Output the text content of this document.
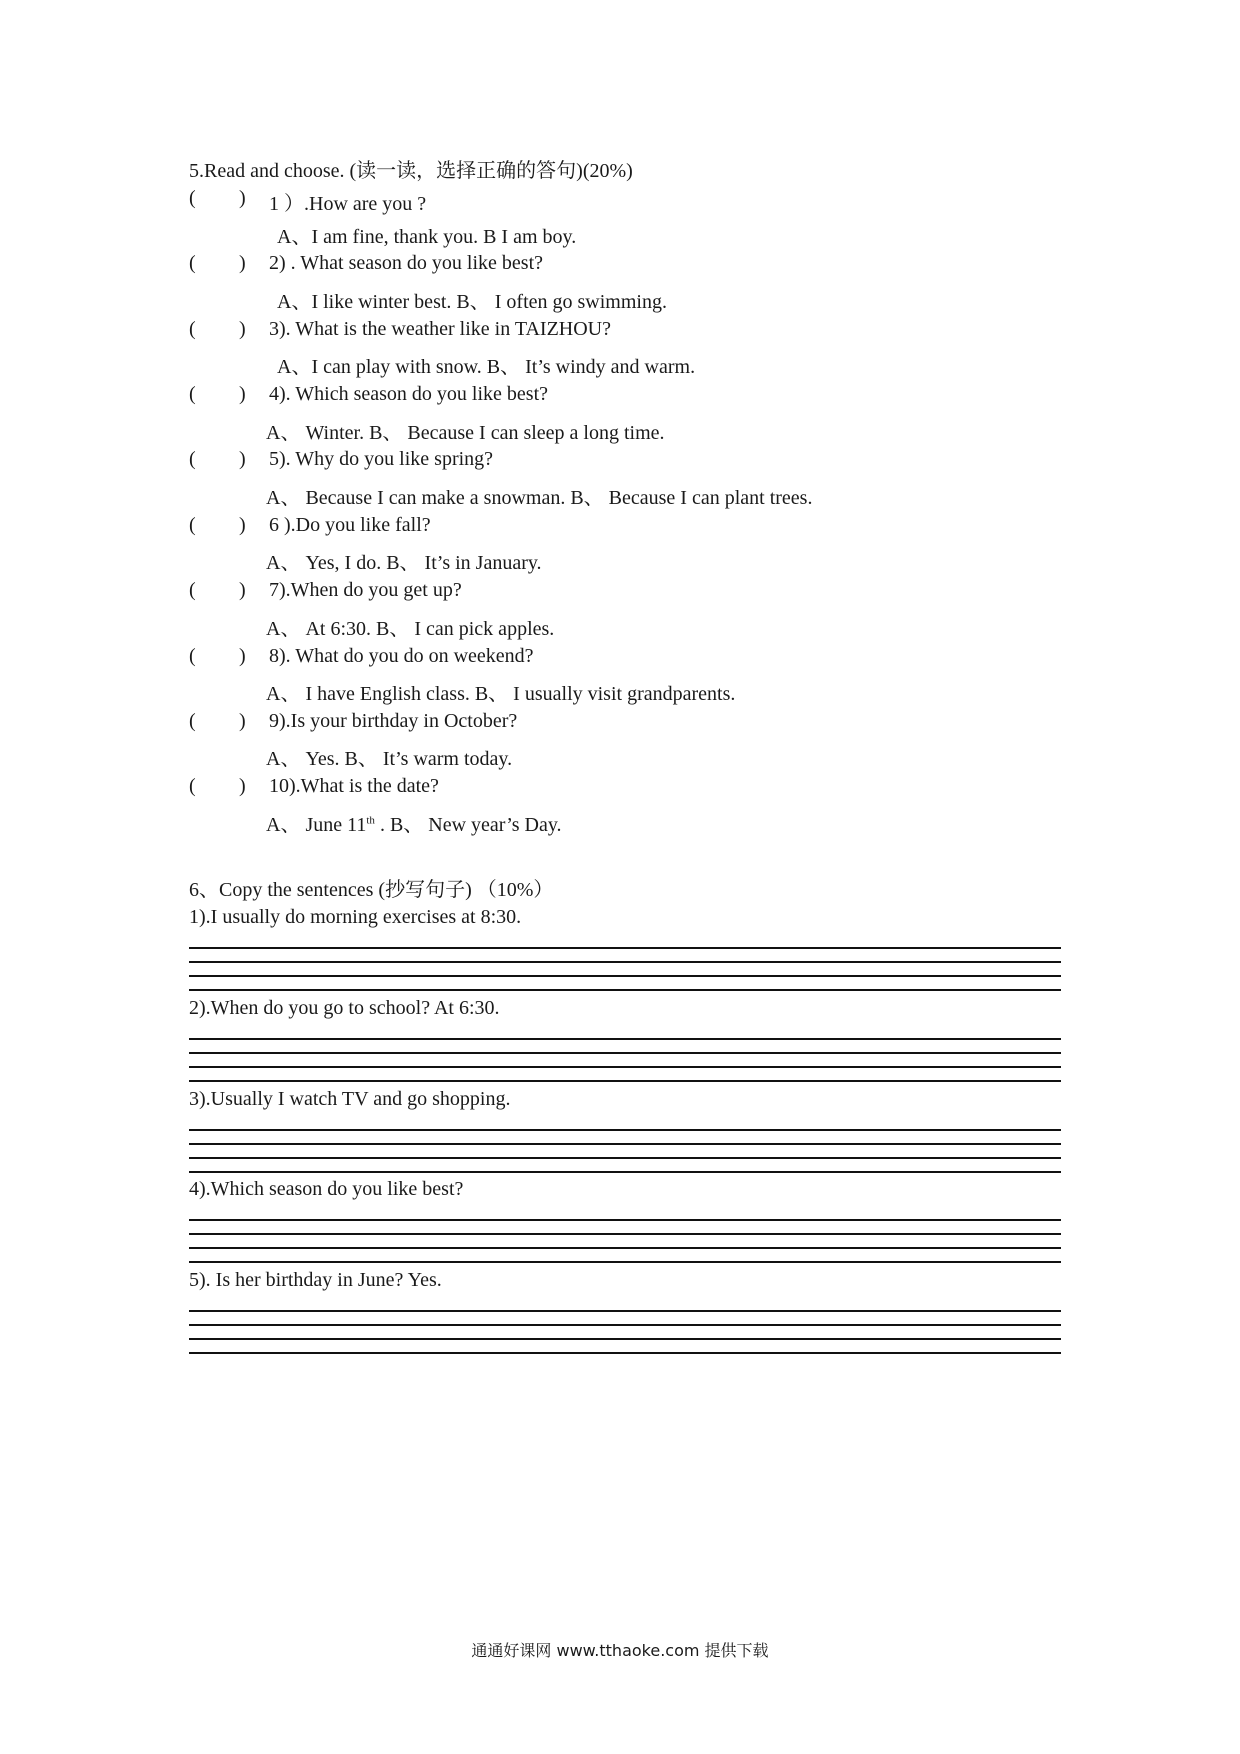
5.Read and choose. (读一读，选择正确的答句)(20%)
( ) 1 ）.How are you ?
A、I am fine, thank you. B I am boy.
( ) 2) . What season do you like best?
A、I like winter best. B、 I often go swimming.
( ) 3). What is the weather like in TAIZHOU?
A、I can play with snow. B、 It’s windy and warm.
( ) 4). Which season do you like best?
A、 Winter. B、 Because I can sleep a long time.
( ) 5). Why do you like spring?
A、 Because I can make a snowman. B、 Because I can plant trees.
( ) 6 ).Do you like fall?
A、 Yes, I do. B、 It’s in January.
( ) 7).When do you get up?
A、 At 6:30. B、 I can pick apples.
( ) 8). What do you do on weekend?
A、 I have English class. B、 I usually visit grandparents.
( ) 9).Is your birthday in October?
A、 Yes. B、 It’s warm today.
( ) 10).What is the date?
A、 June 11th . B、 New year’s Day.
6、Copy the sentences (抄写句子) （10%）
1).I usually do morning exercises at 8:30.
2).When do you go to school? At 6:30.
3).Usually I watch TV and go shopping.
4).Which season do you like best?
5). Is her birthday in June? Yes.
通通好课网 www.tthaoke.com 提供下载
